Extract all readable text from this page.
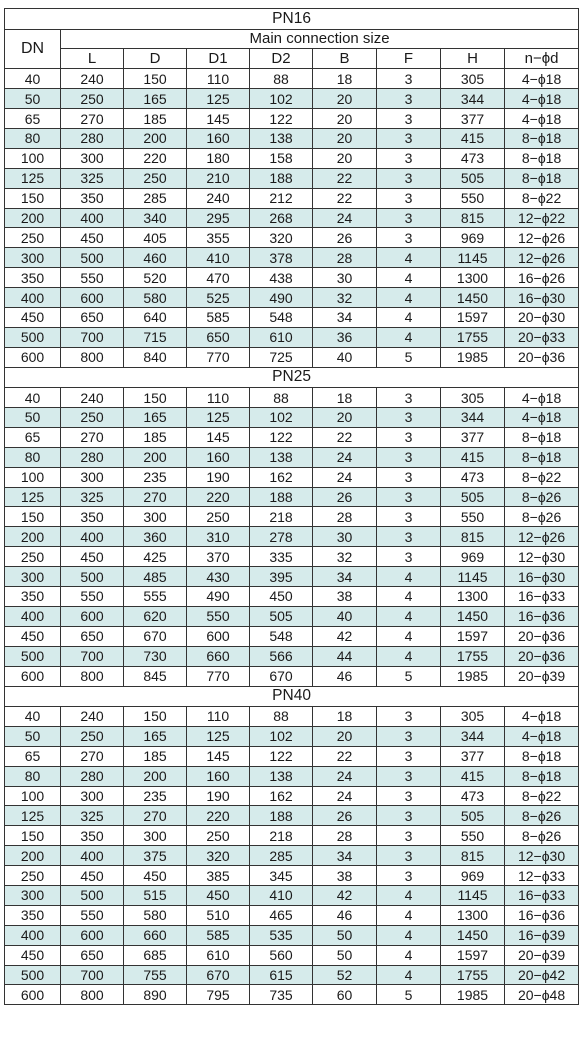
PN16								
DN	Main connection size							
	L	D	D1	D2	B	F	H	n−ϕd
40	240	150	110	88	18	3	305	4−ϕ18
50	250	165	125	102	20	3	344	4−ϕ18
65	270	185	145	122	20	3	377	4−ϕ18
80	280	200	160	138	20	3	415	8−ϕ18
100	300	220	180	158	20	3	473	8−ϕ18
125	325	250	210	188	22	3	505	8−ϕ18
150	350	285	240	212	22	3	550	8−ϕ22
200	400	340	295	268	24	3	815	12−ϕ22
250	450	405	355	320	26	3	969	12−ϕ26
300	500	460	410	378	28	4	1145	12−ϕ26
350	550	520	470	438	30	4	1300	16−ϕ26
400	600	580	525	490	32	4	1450	16−ϕ30
450	650	640	585	548	34	4	1597	20−ϕ30
500	700	715	650	610	36	4	1755	20−ϕ33
600	800	840	770	725	40	5	1985	20−ϕ36
PN25								
40	240	150	110	88	18	3	305	4−ϕ18
50	250	165	125	102	20	3	344	4−ϕ18
65	270	185	145	122	22	3	377	8−ϕ18
80	280	200	160	138	24	3	415	8−ϕ18
100	300	235	190	162	24	3	473	8−ϕ22
125	325	270	220	188	26	3	505	8−ϕ26
150	350	300	250	218	28	3	550	8−ϕ26
200	400	360	310	278	30	3	815	12−ϕ26
250	450	425	370	335	32	3	969	12−ϕ30
300	500	485	430	395	34	4	1145	16−ϕ30
350	550	555	490	450	38	4	1300	16−ϕ33
400	600	620	550	505	40	4	1450	16−ϕ36
450	650	670	600	548	42	4	1597	20−ϕ36
500	700	730	660	566	44	4	1755	20−ϕ36
600	800	845	770	670	46	5	1985	20−ϕ39
PN40								
40	240	150	110	88	18	3	305	4−ϕ18
50	250	165	125	102	20	3	344	4−ϕ18
65	270	185	145	122	22	3	377	8−ϕ18
80	280	200	160	138	24	3	415	8−ϕ18
100	300	235	190	162	24	3	473	8−ϕ22
125	325	270	220	188	26	3	505	8−ϕ26
150	350	300	250	218	28	3	550	8−ϕ26
200	400	375	320	285	34	3	815	12−ϕ30
250	450	450	385	345	38	3	969	12−ϕ33
300	500	515	450	410	42	4	1145	16−ϕ33
350	550	580	510	465	46	4	1300	16−ϕ36
400	600	660	585	535	50	4	1450	16−ϕ39
450	650	685	610	560	50	4	1597	20−ϕ39
500	700	755	670	615	52	4	1755	20−ϕ42
600	800	890	795	735	60	5	1985	20−ϕ48
